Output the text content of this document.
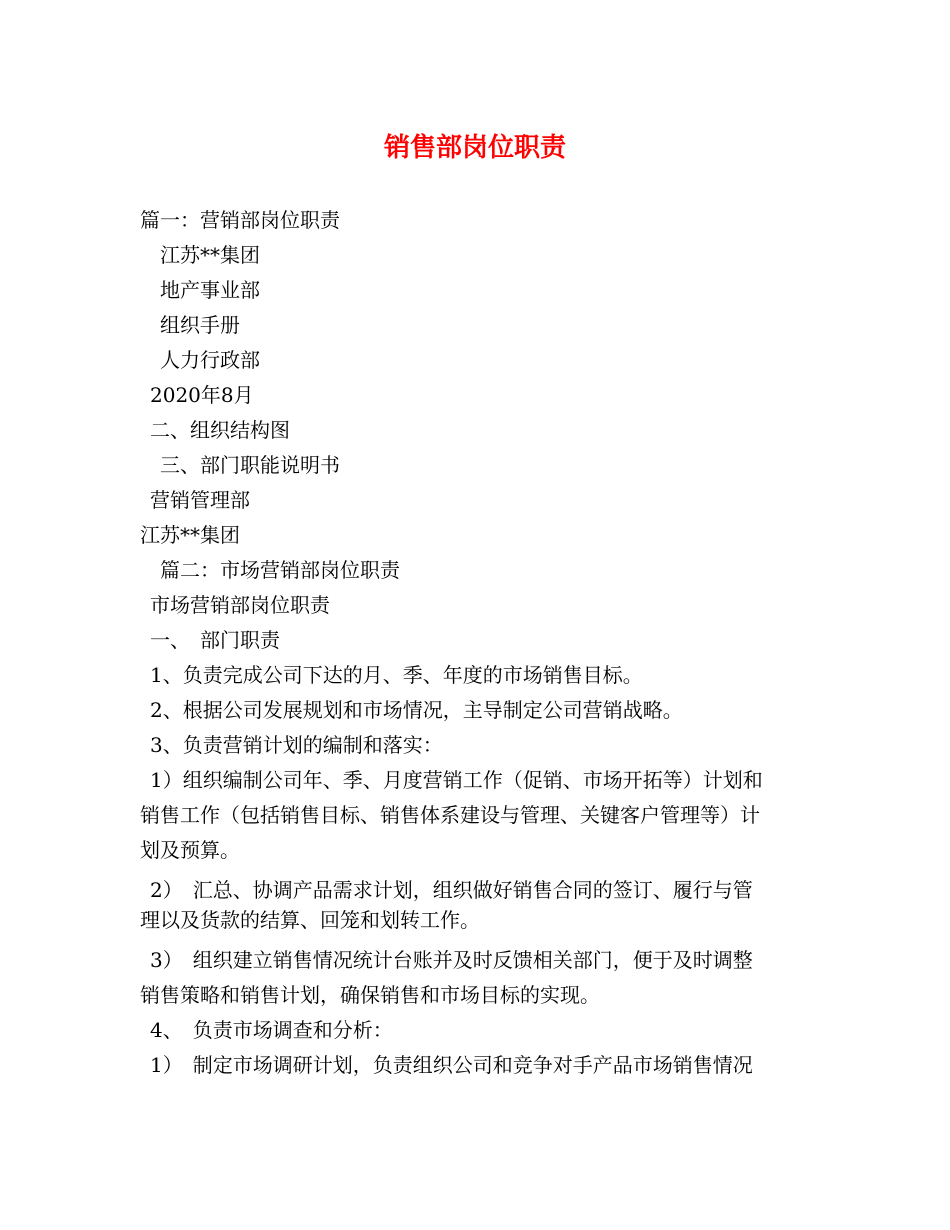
销售部岗位职责
篇一：营销部岗位职责
江苏**集团
地产事业部
组织手册
人力行政部
2020年8月
二、组织结构图
三、部门职能说明书
营销管理部
江苏**集团
篇二：市场营销部岗位职责
市场营销部岗位职责
一、　部门职责
1、负责完成公司下达的月、季、年度的市场销售目标。
2、根据公司发展规划和市场情况，主导制定公司营销战略。
3、负责营销计划的编制和落实：
1）组织编制公司年、季、月度营销工作（促销、市场开拓等）计划和
销售工作（包括销售目标、销售体系建设与管理、关键客户管理等）计
划及预算。
2）　汇总、协调产品需求计划，组织做好销售合同的签订、履行与管
理以及货款的结算、回笼和划转工作。
3）　组织建立销售情况统计台账并及时反馈相关部门，便于及时调整
销售策略和销售计划，确保销售和市场目标的实现。
4、　负责市场调查和分析：
1）　制定市场调研计划，负责组织公司和竞争对手产品市场销售情况
